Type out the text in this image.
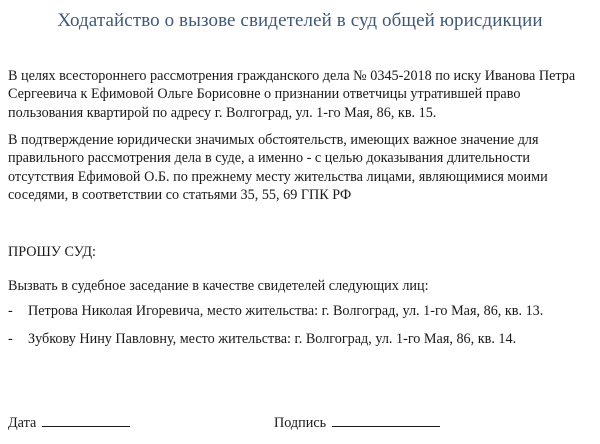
Ходатайство о вызове свидетелей в суд общей юрисдикции

В целях всестороннего рассмотрения гражданского дела № 0345-2018 по иску Иванова Петра Сергеевича к Ефимовой Ольге Борисовне о признании ответчицы утратившей право пользования квартирой по адресу г. Волгоград, ул. 1-го Мая, 86, кв. 15.

В подтверждение юридически значимых обстоятельств, имеющих важное значение для правильного рассмотрения дела в суде, а именно - с целью доказывания длительности отсутствия Ефимовой О.Б. по прежнему месту жительства лицами, являющимися моими соседями, в соответствии со статьями 35, 55, 69 ГПК РФ

ПРОШУ СУД:

Вызвать в судебное заседание в качестве свидетелей следующих лиц:

- Петрова Николая Игоревича, место жительства: г. Волгоград, ул. 1-го Мая, 86, кв. 13.
- Зубкову Нину Павловну, место жительства: г. Волгоград, ул. 1-го Мая, 86, кв. 14.
Дата	Подпись
